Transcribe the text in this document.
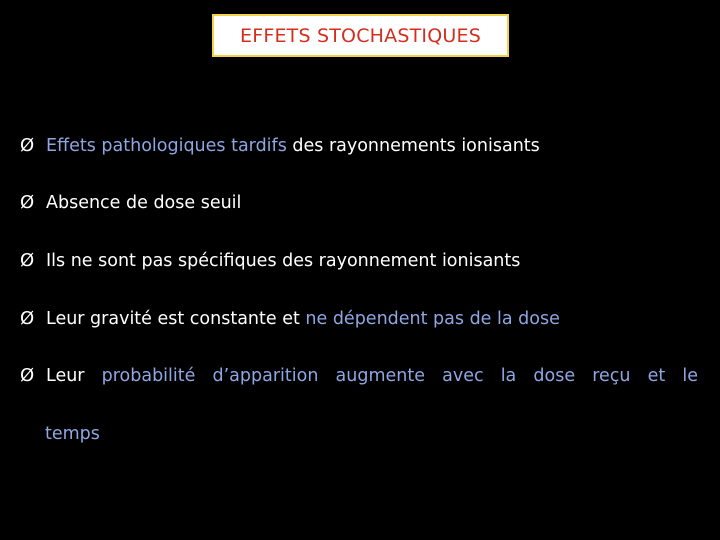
EFFETS STOCHASTIQUES
Ø Effets pathologiques tardifs des rayonnements ionisants
Ø Absence de dose seuil
Ø Ils ne sont pas spécifiques des rayonnement ionisants
Ø Leur gravité est constante et ne dépendent pas de la dose
Ø Leur probabilité d’apparition augmente avec la dose reçu et le
temps
